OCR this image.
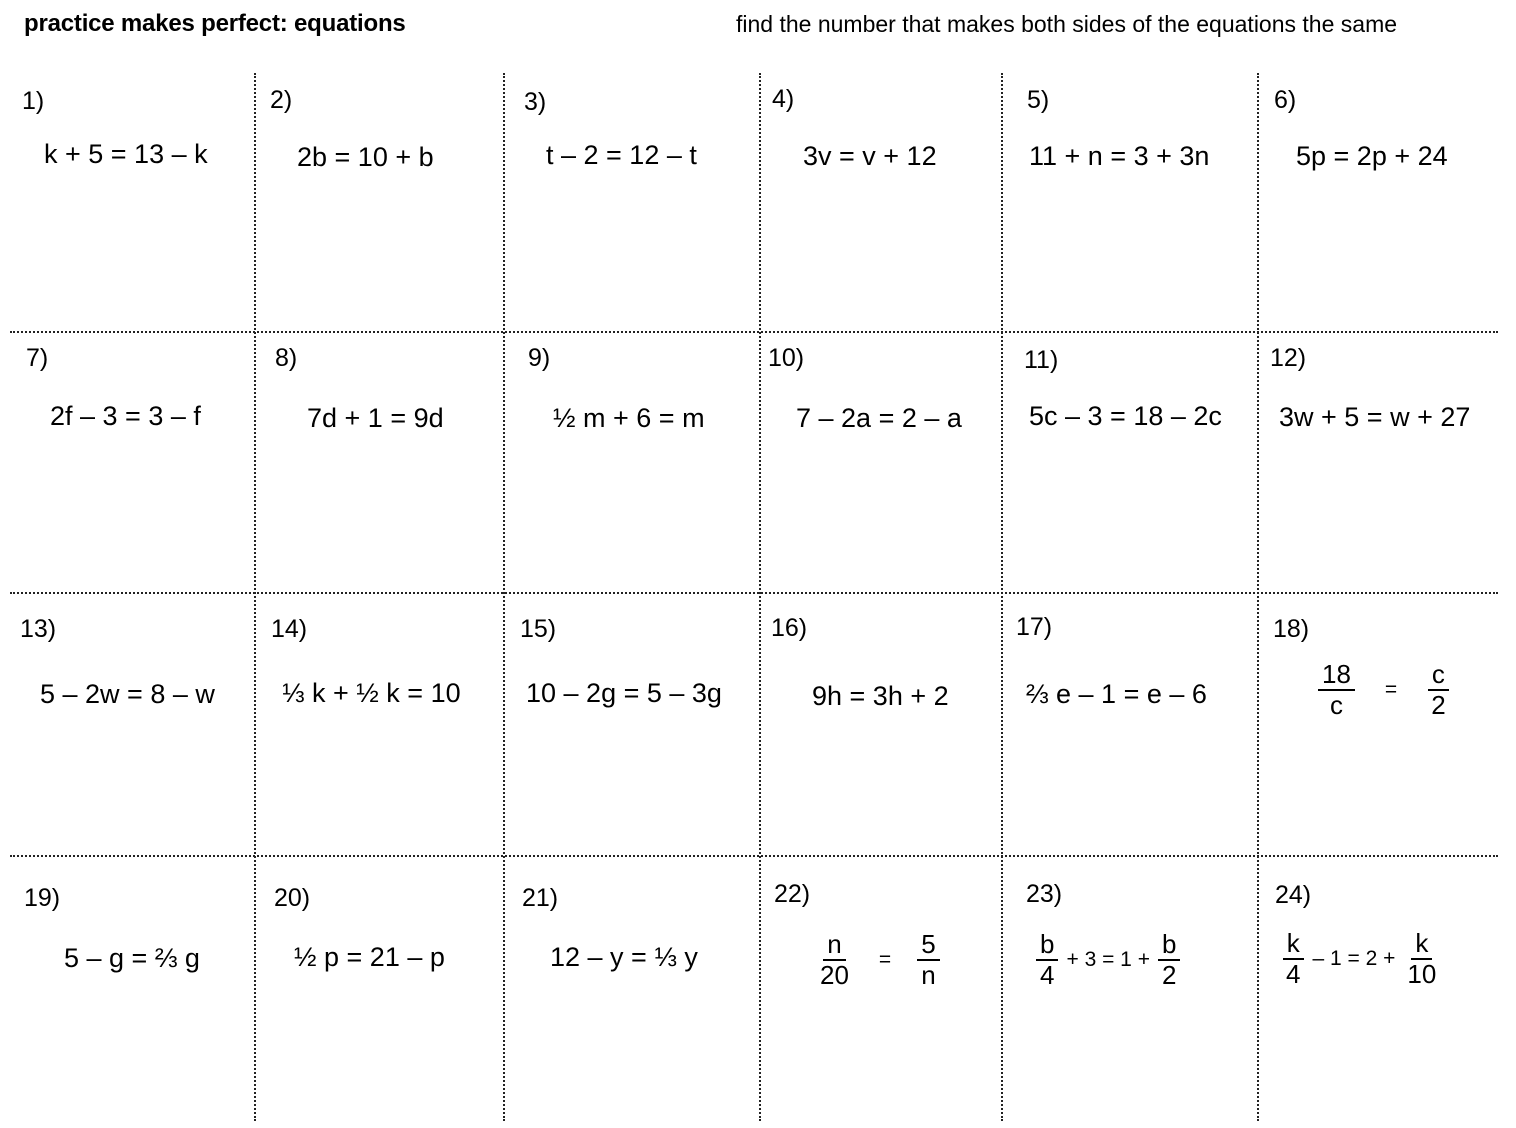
practice makes perfect: equations	find the number that makes both sides of the equations the same
1)
k + 5 = 13 – k
2)
2b = 10 + b
3)
t – 2 = 12 – t
4)
3v = v + 12
5)
11 + n = 3 + 3n
6)
5p = 2p + 24
7)
2f – 3 = 3 – f
8)
7d + 1 = 9d
9)
½ m + 6 = m
10)
7 – 2a = 2 – a
11)
5c – 3 = 18 – 2c
12)
3w + 5 = w + 27
13)
5 – 2w = 8 – w
14)
⅓ k + ½ k = 10
15)
10 – 2g = 5 – 3g
16)
9h = 3h + 2
17)
⅔ e – 1 = e – 6
18)
$\frac{18}{c} = \frac{c}{2}$
19)
5 – g = ⅔ g
20)
½ p = 21 – p
21)
12 – y = ⅓ y
22)
$\frac{n}{20} = \frac{5}{n}$
23)
$\frac{b}{4} + 3 = 1 + \frac{b}{2}$
24)
$\frac{k}{4} - 1 = 2 + \frac{k}{10}$
